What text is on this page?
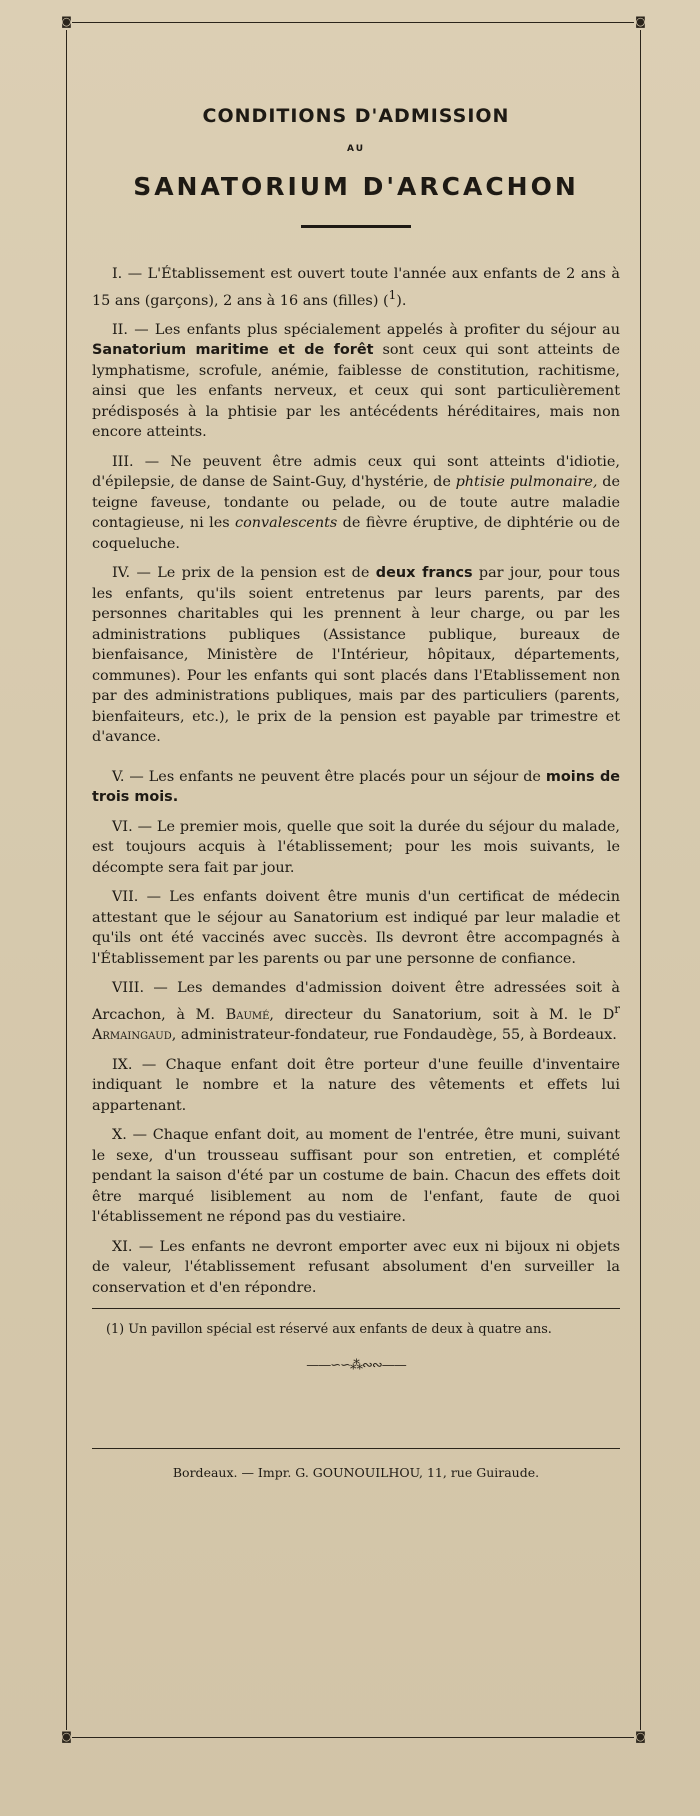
◙	◙
◙	◙
CONDITIONS D'ADMISSION
AU
SANATORIUM D'ARCACHON

I. — L'Établissement est ouvert toute l'année aux enfants de 2 ans à 15 ans (garçons), 2 ans à 16 ans (filles) ($^1$).

II. — Les enfants plus spécialement appelés à profiter du séjour au Sanatorium maritime et de forêt sont ceux qui sont atteints de lymphatisme, scrofule, anémie, faiblesse de constitution, rachitisme, ainsi que les enfants nerveux, et ceux qui sont particulièrement prédisposés à la phtisie par les antécédents héréditaires, mais non encore atteints.

III. — Ne peuvent être admis ceux qui sont atteints d'idiotie, d'épilepsie, de danse de Saint-Guy, d'hystérie, de phtisie pulmonaire, de teigne faveuse, tondante ou pelade, ou de toute autre maladie contagieuse, ni les convalescents de fièvre éruptive, de diphtérie ou de coqueluche.

IV. — Le prix de la pension est de deux francs par jour, pour tous les enfants, qu'ils soient entretenus par leurs parents, par des personnes charitables qui les prennent à leur charge, ou par les administrations publiques (Assistance publique, bureaux de bienfaisance, Ministère de l'Intérieur, hôpitaux, départements, communes). Pour les enfants qui sont placés dans l'Etablissement non par des administrations publiques, mais par des particuliers (parents, bienfaiteurs, etc.), le prix de la pension est payable par trimestre et d'avance.

V. — Les enfants ne peuvent être placés pour un séjour de moins de trois mois.

VI. — Le premier mois, quelle que soit la durée du séjour du malade, est toujours acquis à l'établissement; pour les mois suivants, le décompte sera fait par jour.

VII. — Les enfants doivent être munis d'un certificat de médecin attestant que le séjour au Sanatorium est indiqué par leur maladie et qu'ils ont été vaccinés avec succès. Ils devront être accompagnés à l'Établissement par les parents ou par une personne de confiance.

VIII. — Les demandes d'admission doivent être adressées soit à Arcachon, à M. Baumé, directeur du Sanatorium, soit à M. le $D^r$ Armaingaud, administrateur-fondateur, rue Fondaudège, 55, à Bordeaux.

IX. — Chaque enfant doit être porteur d'une feuille d'inventaire indiquant le nombre et la nature des vêtements et effets lui appartenant.

X. — Chaque enfant doit, au moment de l'entrée, être muni, suivant le sexe, d'un trousseau suffisant pour son entretien, et complété pendant la saison d'été par un costume de bain. Chacun des effets doit être marqué lisiblement au nom de l'enfant, faute de quoi l'établissement ne répond pas du vestiaire.

XI. — Les enfants ne devront emporter avec eux ni bijoux ni objets de valeur, l'établissement refusant absolument d'en surveiller la conservation et d'en répondre.

(1) Un pavillon spécial est réservé aux enfants de deux à quatre ans.

——∽∽⁂∾∾——
Bordeaux. — Impr. G. GOUNOUILHOU, 11, rue Guiraude.
